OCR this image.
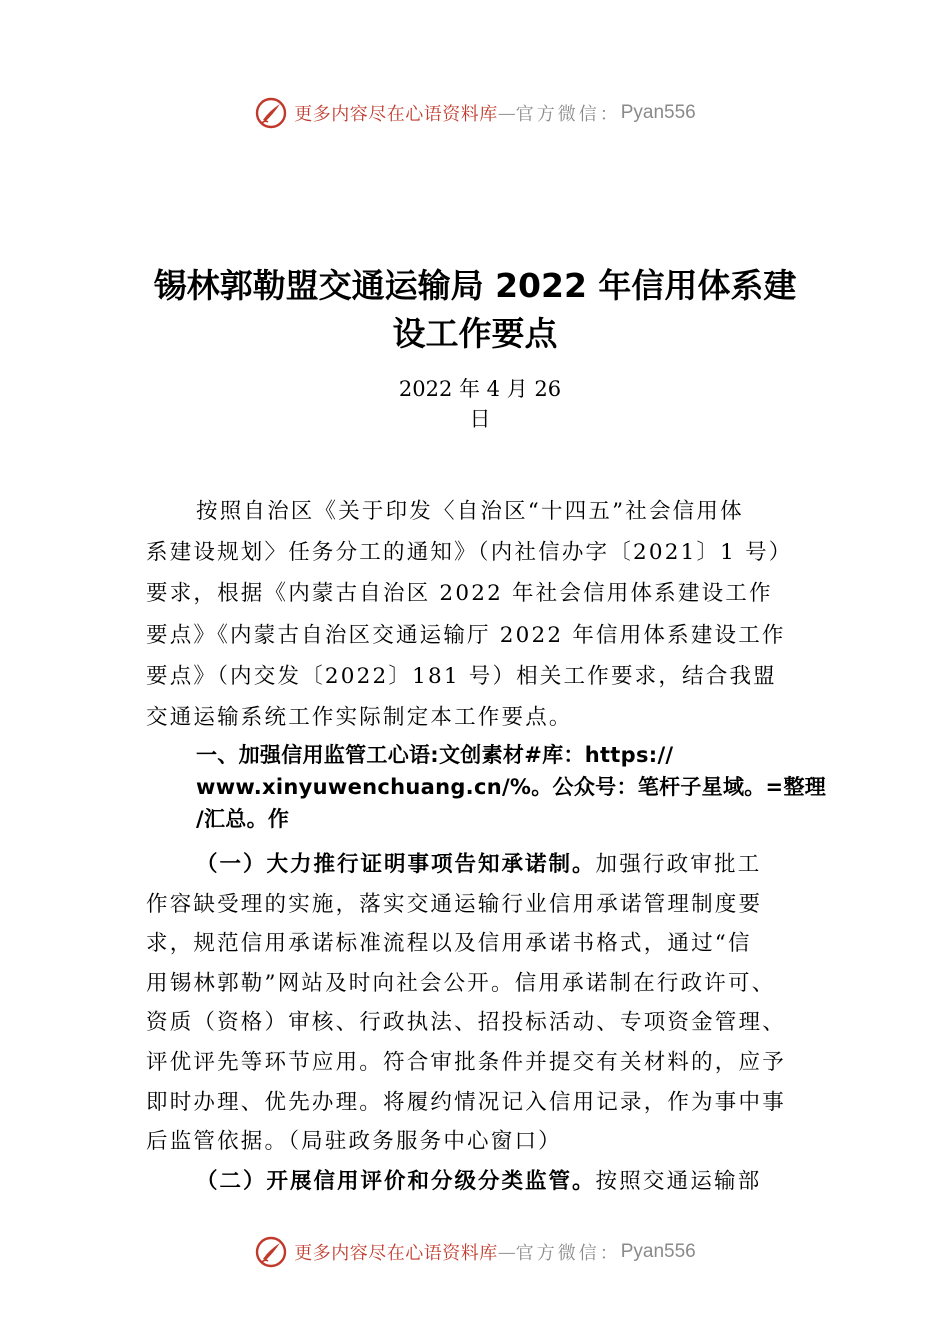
更多内容尽在心语资料库 — 官方微信： Pyan556
锡林郭勒盟交通运输局 2022 年信用体系建
设工作要点
2022 年 4 月 26
日
按照自治区《关于印发〈自治区“十四五”社会信用体
系建设规划〉任务分工的通知》（内社信办字〔2021〕1 号）
要求，根据《内蒙古自治区 2022 年社会信用体系建设工作
要点》《内蒙古自治区交通运输厅 2022 年信用体系建设工作
要点》（内交发〔2022〕181 号）相关工作要求，结合我盟
交通运输系统工作实际制定本工作要点。
一、加强信用监管工心语:文创素材#库：https://
www.xinyuwenchuang.cn/%。公众号：笔杆子星域。=整理
/汇总。作
（一）大力推行证明事项告知承诺制。加强行政审批工
作容缺受理的实施，落实交通运输行业信用承诺管理制度要
求，规范信用承诺标准流程以及信用承诺书格式，通过“信
用锡林郭勒”网站及时向社会公开。信用承诺制在行政许可、
资质（资格）审核、行政执法、招投标活动、专项资金管理、
评优评先等环节应用。符合审批条件并提交有关材料的，应予
即时办理、优先办理。将履约情况记入信用记录，作为事中事
后监管依据。（局驻政务服务中心窗口）
（二）开展信用评价和分级分类监管。按照交通运输部
更多内容尽在心语资料库 — 官方微信： Pyan556
